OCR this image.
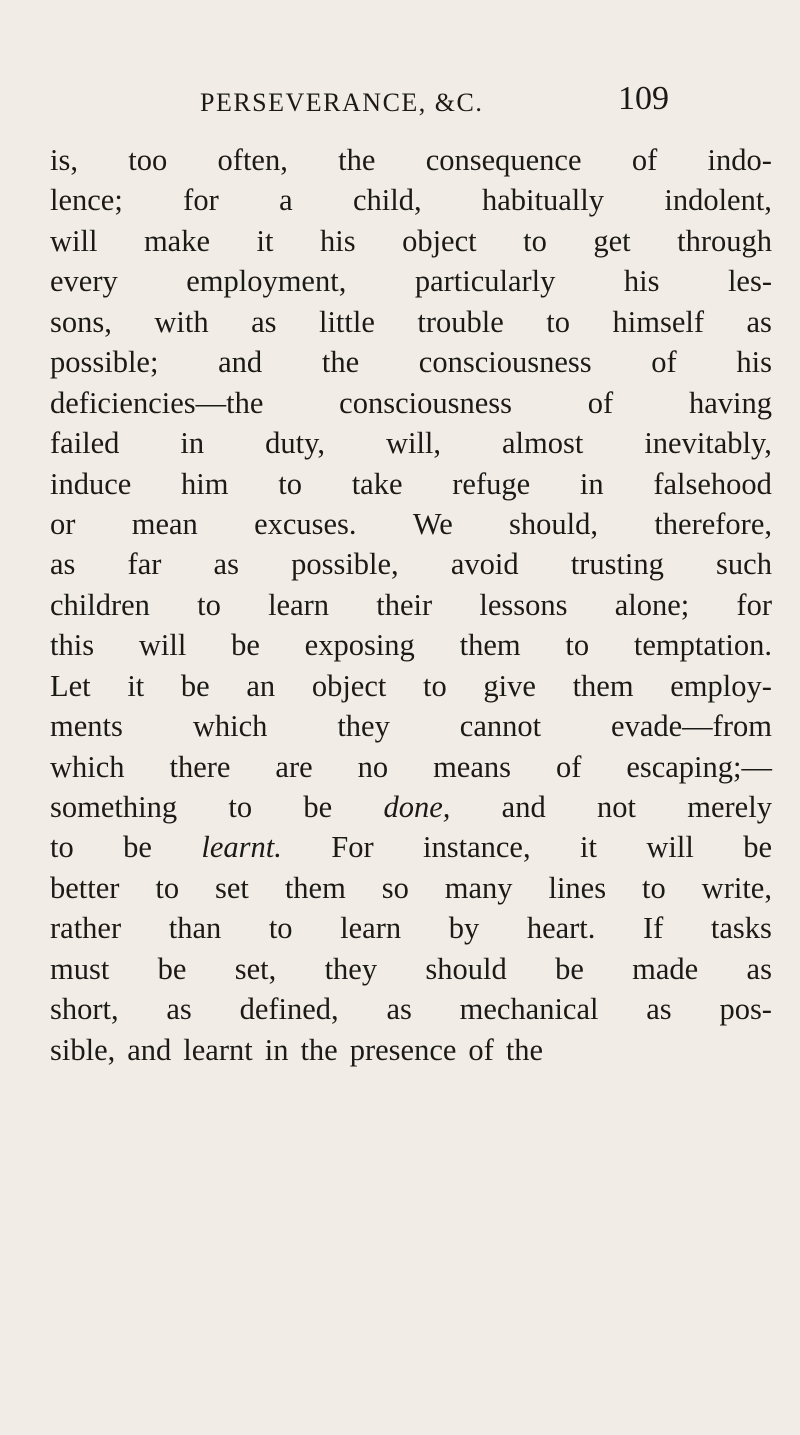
PERSEVERANCE, &C.	109
is, too often, the consequence of indo-
lence; for a child, habitually indolent,
will make it his object to get through
every employment, particularly his les-
sons, with as little trouble to himself as
possible; and the consciousness of his
deficiencies—the consciousness of having
failed in duty, will, almost inevitably,
induce him to take refuge in falsehood
or mean excuses. We should, therefore,
as far as possible, avoid trusting such
children to learn their lessons alone; for
this will be exposing them to temptation.
Let it be an object to give them employ-
ments which they cannot evade—from
which there are no means of escaping;—
something to be done, and not merely
to be learnt. For instance, it will be
better to set them so many lines to write,
rather than to learn by heart. If tasks
must be set, they should be made as
short, as defined, as mechanical as pos-
sible, and learnt in the presence of the
